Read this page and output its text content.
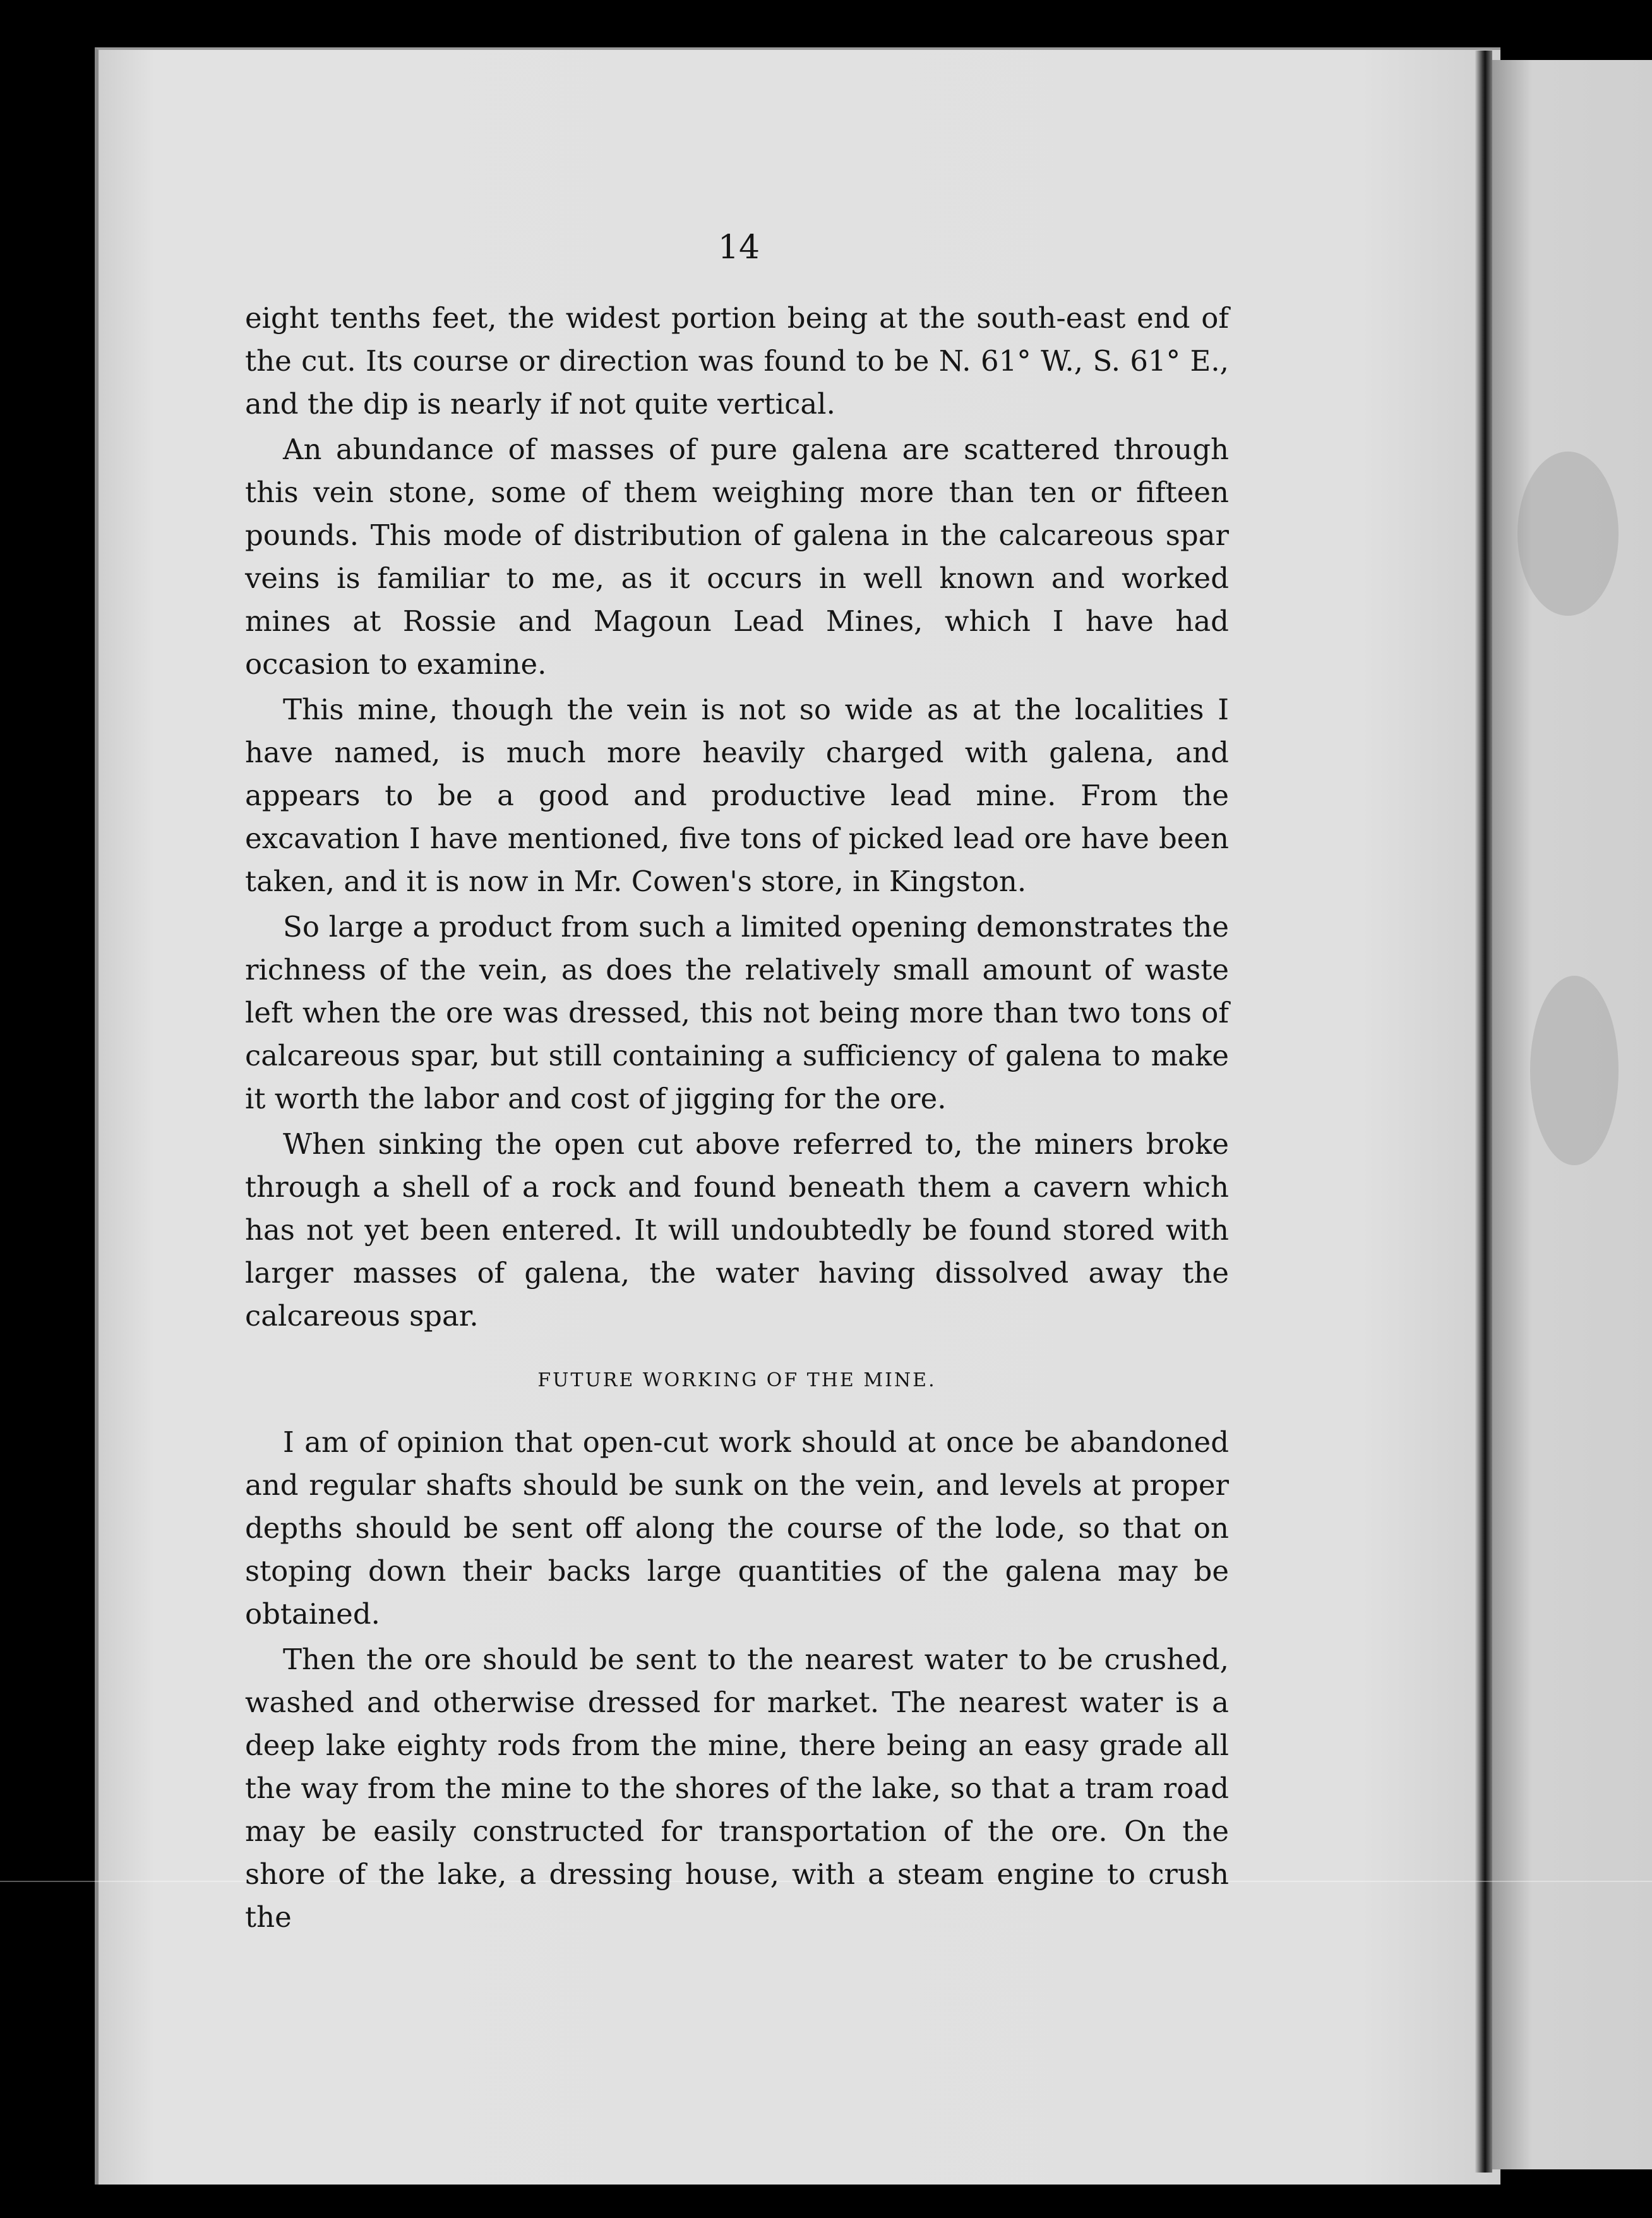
14

eight tenths feet, the widest portion being at the south-east end of the cut. Its course or direction was found to be N. 61° W., S. 61° E., and the dip is nearly if not quite vertical.

An abundance of masses of pure galena are scattered through this vein stone, some of them weighing more than ten or fifteen pounds. This mode of distribution of galena in the calcareous spar veins is familiar to me, as it occurs in well known and worked mines at Rossie and Magoun Lead Mines, which I have had occasion to examine.

This mine, though the vein is not so wide as at the localities I have named, is much more heavily charged with galena, and appears to be a good and productive lead mine. From the excavation I have mentioned, five tons of picked lead ore have been taken, and it is now in Mr. Cowen's store, in Kingston.

So large a product from such a limited opening demonstrates the richness of the vein, as does the relatively small amount of waste left when the ore was dressed, this not being more than two tons of calcareous spar, but still containing a sufficiency of galena to make it worth the labor and cost of jigging for the ore.

When sinking the open cut above referred to, the miners broke through a shell of a rock and found beneath them a cavern which has not yet been entered. It will undoubtedly be found stored with larger masses of galena, the water having dissolved away the calcareous spar.

FUTURE WORKING OF THE MINE.

I am of opinion that open-cut work should at once be abandoned and regular shafts should be sunk on the vein, and levels at proper depths should be sent off along the course of the lode, so that on stoping down their backs large quantities of the galena may be obtained.

Then the ore should be sent to the nearest water to be crushed, washed and otherwise dressed for market. The nearest water is a deep lake eighty rods from the mine, there being an easy grade all the way from the mine to the shores of the lake, so that a tram road may be easily constructed for transportation of the ore. On the shore of the lake, a dressing house, with a steam engine to crush the
